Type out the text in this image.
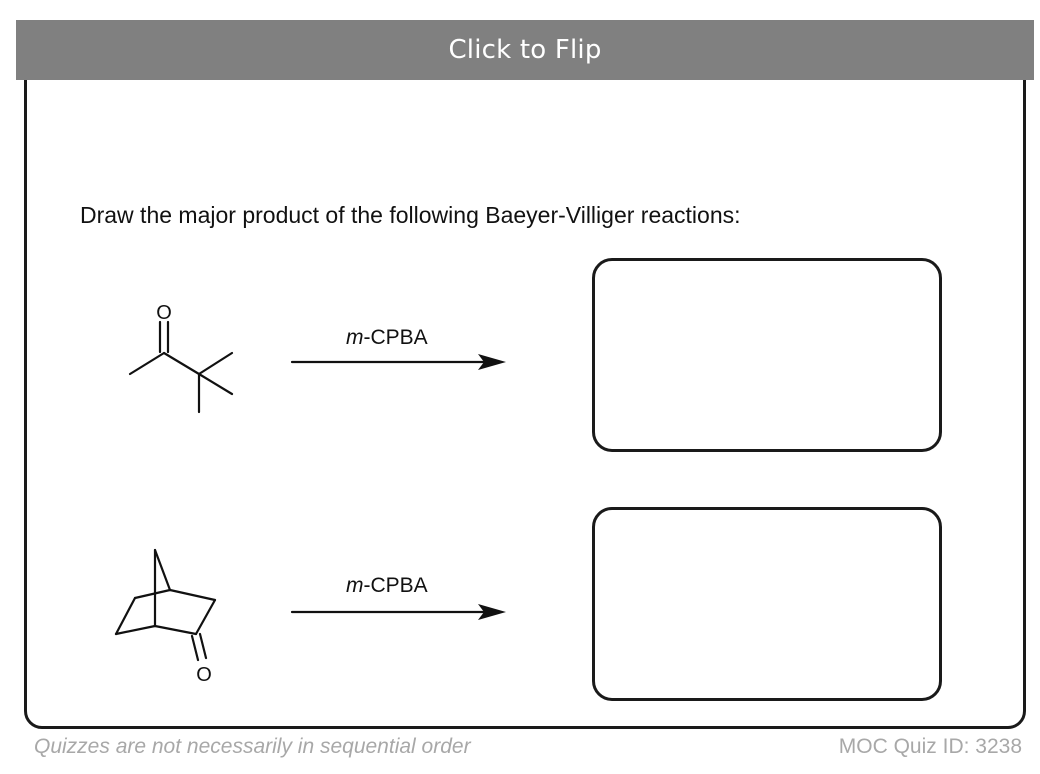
Click to Flip
Draw the major product of the following Baeyer-Villiger reactions:
O
O
m-CPBA
m-CPBA
Quizzes are not necessarily in sequential order	MOC Quiz ID: 3238
